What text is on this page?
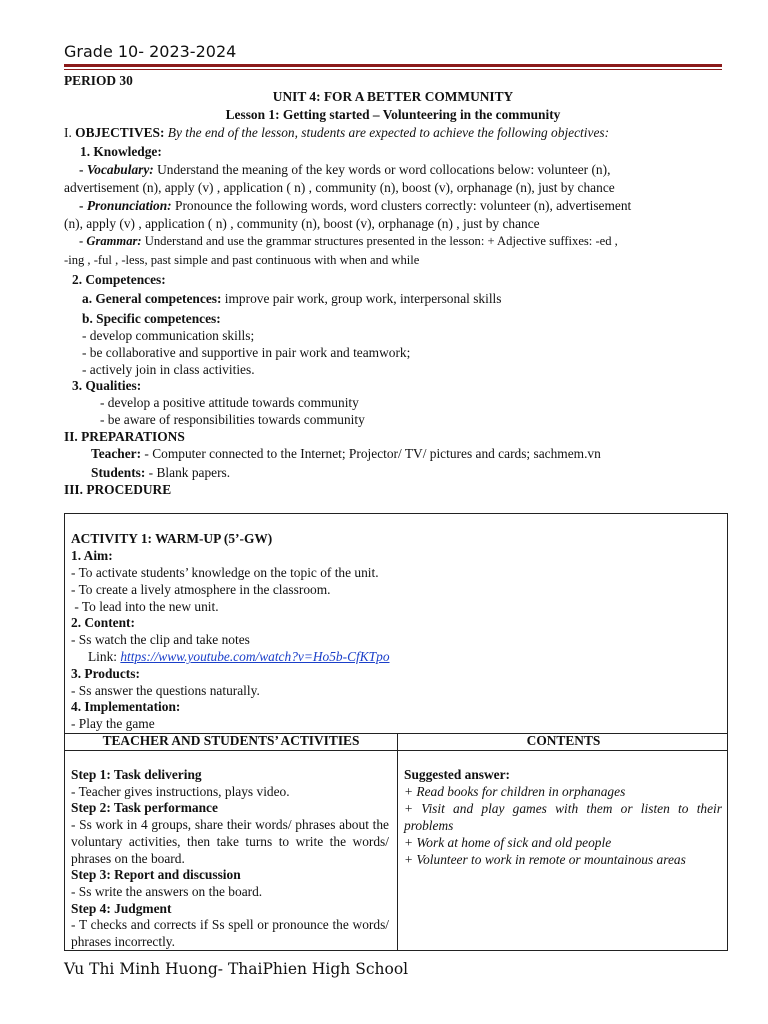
Grade 10- 2023-2024
PERIOD 30
UNIT 4: FOR A BETTER COMMUNITY
Lesson 1: Getting started – Volunteering in the community
I. OBJECTIVES: By the end of the lesson, students are expected to achieve the following objectives:
1. Knowledge:
- Vocabulary: Understand the meaning of the key words or word collocations below: volunteer (n),
advertisement (n), apply (v) , application ( n) , community (n), boost (v), orphanage (n), just by chance
- Pronunciation: Pronounce the following words, word clusters correctly: volunteer (n), advertisement
(n), apply (v) , application ( n) , community (n), boost (v), orphanage (n) , just by chance
- Grammar: Understand and use the grammar structures presented in the lesson: + Adjective suffixes: -ed ,
-ing , -ful , -less, past simple and past continuous with when and while
2. Competences:
a. General competences: improve pair work, group work, interpersonal skills
b. Specific competences:
- develop communication skills;
- be collaborative and supportive in pair work and teamwork;
- actively join in class activities.
3. Qualities:
- develop a positive attitude towards community
- be aware of responsibilities towards community
II. PREPARATIONS
Teacher: - Computer connected to the Internet; Projector/ TV/ pictures and cards; sachmem.vn
Students: - Blank papers.
III. PROCEDURE
ACTIVITY 1: WARM-UP (5’-GW)
1. Aim:
- To activate students’ knowledge on the topic of the unit.
- To create a lively atmosphere in the classroom.
- To lead into the new unit.
2. Content:
- Ss watch the clip and take notes
Link: https://www.youtube.com/watch?v=Ho5b-CfKTpo
3. Products:
- Ss answer the questions naturally.
4. Implementation:
- Play the game
TEACHER AND STUDENTS’ ACTIVITIES	CONTENTS
Step 1: Task delivering
- Teacher gives instructions, plays video.
Step 2: Task performance
- Ss work in 4 groups, share their words/ phrases about the voluntary activities, then take turns to write the words/ phrases on the board.
Step 3: Report and discussion
- Ss write the answers on the board.
Step 4: Judgment
- T checks and corrects if Ss spell or pronounce the words/ phrases incorrectly.
Suggested answer:
+ Read books for children in orphanages
+ Visit and play games with them or listen to their problems
+ Work at home of sick and old people
+ Volunteer to work in remote or mountainous areas
Vu Thi Minh Huong- ThaiPhien High School
